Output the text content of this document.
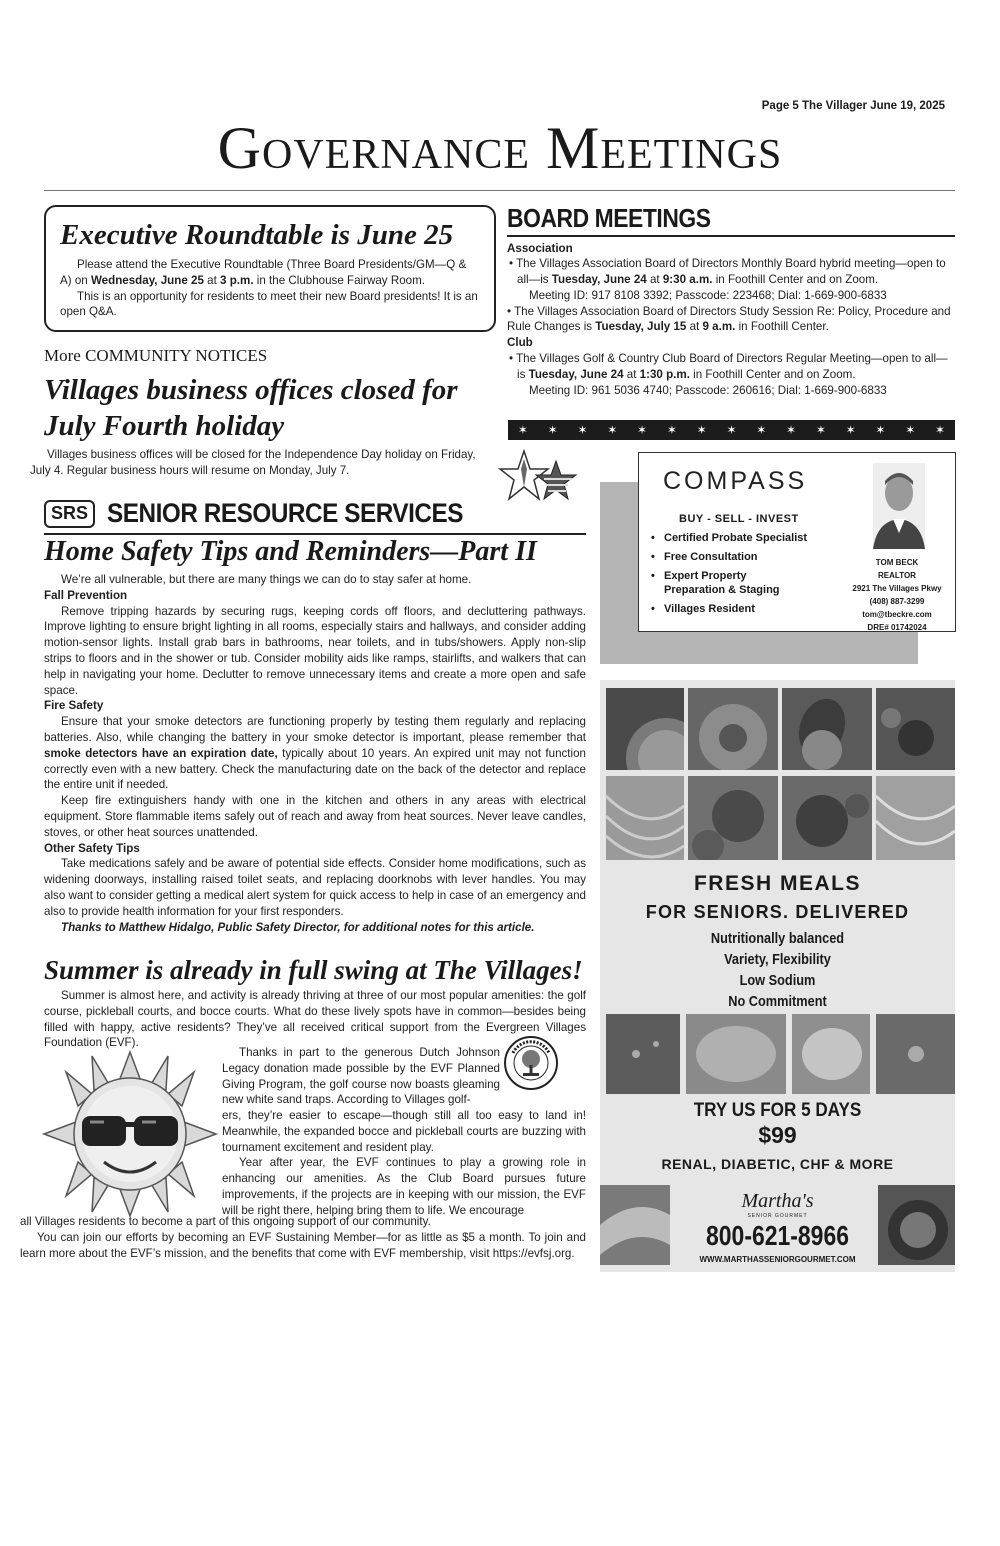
Page 5 The Villager June 19, 2025
Governance Meetings
Executive Roundtable is June 25

Please attend the Executive Roundtable (Three Board Presidents/GM—Q & A) on Wednesday, June 25 at 3 p.m. in the Clubhouse Fairway Room.

This is an opportunity for residents to meet their new Board presidents! It is an open Q&A.

BOARD MEETINGS

Association

• The Villages Association Board of Directors Monthly Board hybrid meeting—open to all—is Tuesday, June 24 at 9:30 a.m. in Foothill Center and on Zoom.

Meeting ID: 917 8108 3392; Passcode: 223468; Dial: 1-669-900-6833

• The Villages Association Board of Directors Study Session Re: Policy, Procedure and Rule Changes is Tuesday, July 15 at 9 a.m. in Foothill Center.

Club

• The Villages Golf & Country Club Board of Directors Regular Meeting—open to all—is Tuesday, June 24 at 1:30 p.m. in Foothill Center and on Zoom.

Meeting ID: 961 5036 4740; Passcode: 260616; Dial: 1-669-900-6833

✶ ✶ ✶ ✶ ✶ ✶ ✶ ✶ ✶ ✶ ✶ ✶ ✶ ✶ ✶
More COMMUNITY NOTICES
Villages business offices closed for July Fourth holiday

Villages business offices will be closed for the Independence Day holiday on Friday, July 4. Regular business hours will resume on Monday, July 7.

SRS SENIOR RESOURCE SERVICES
Home Safety Tips and Reminders—Part II

We’re all vulnerable, but there are many things we can do to stay safer at home.

Fall Prevention

Remove tripping hazards by securing rugs, keeping cords off floors, and decluttering pathways. Improve lighting to ensure bright lighting in all rooms, especially stairs and hallways, and consider adding motion-sensor lights. Install grab bars in bathrooms, near toilets, and in tubs/showers. Apply non-slip strips to floors and in the shower or tub. Consider mobility aids like ramps, stairlifts, and walkers that can help in navigating your home. Declutter to remove unnecessary items and create a more open and safe space.

Fire Safety

Ensure that your smoke detectors are functioning properly by testing them regularly and replacing batteries. Also, while changing the battery in your smoke detector is important, please remember that smoke detectors have an expiration date, typically about 10 years. An expired unit may not function correctly even with a new battery. Check the manufacturing date on the back of the detector and replace the entire unit if needed.

Keep fire extinguishers handy with one in the kitchen and others in any areas with electrical equipment. Store flammable items safely out of reach and away from heat sources. Never leave candles, stoves, or other heat sources unattended.

Other Safety Tips

Take medications safely and be aware of potential side effects. Consider home modifications, such as widening doorways, installing raised toilet seats, and replacing doorknobs with lever handles. You may also want to consider getting a medical alert system for quick access to help in case of an emergency and also to provide health information for your first responders.

Thanks to Matthew Hidalgo, Public Safety Director, for additional notes for this article.

Summer is already in full swing at The Villages!

Summer is almost here, and activity is already thriving at three of our most popular amenities: the golf course, pickleball courts, and bocce courts. What do these lively spots have in common—besides being filled with happy, active residents? They’ve all received critical support from the Evergreen Villages Foundation (EVF).

Thanks in part to the generous Dutch Johnson Legacy donation made possible by the EVF Planned Giving Program, the golf course now boasts gleaming new white sand traps. According to Villages golf-

ers, they’re easier to escape—though still all too easy to land in! Meanwhile, the expanded bocce and pickleball courts are buzzing with tournament excitement and resident play.

Year after year, the EVF continues to play a growing role in enhancing our amenities. As the Club Board pursues future improvements, if the projects are in keeping with our mission, the EVF will be right there, helping bring them to life. We encourage

all Villages residents to become a part of this ongoing support of our community.

You can join our efforts by becoming an EVF Sustaining Member—for as little as $5 a month. To join and learn more about the EVF’s mission, and the benefits that come with EVF membership, visit https://evfsj.org.

COMPASS
BUY - SELL - INVEST
• Certified Probate Specialist
• Free Consultation
• Expert Property Preparation & Staging
• Villages Resident
TOM BECK
REALTOR
2921 The Villages Pkwy
(408) 887-3299
tom@tbeckre.com
DRE# 01742024
FRESH MEALS
FOR SENIORS. DELIVERED
Nutritionally balanced
Variety, Flexibility
Low Sodium
No Commitment
TRY US FOR 5 DAYS
$99
RENAL, DIABETIC, CHF & MORE
Martha's
SENIOR GOURMET
800-621-8966
WWW.MARTHASSENIORGOURMET.COM
